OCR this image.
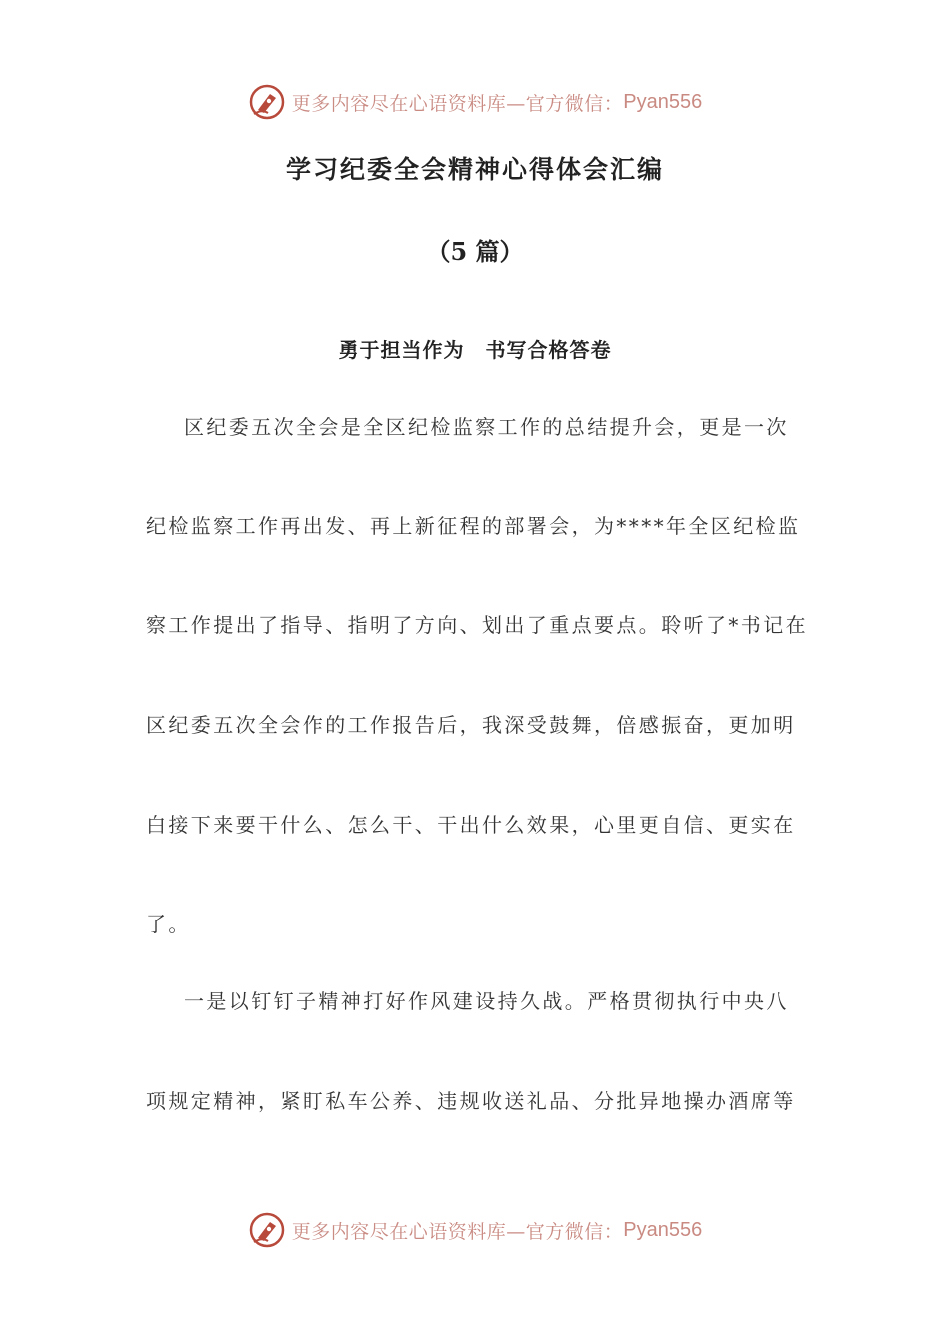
更多内容尽在心语资料库—官方微信： Pyan556
学习纪委全会精神心得体会汇编
（5 篇）
勇于担当作为　书写合格答卷
区纪委五次全会是全区纪检监察工作的总结提升会，更是一次
纪检监察工作再出发、再上新征程的部署会，为****年全区纪检监
察工作提出了指导、指明了方向、划出了重点要点。聆听了*书记在
区纪委五次全会作的工作报告后，我深受鼓舞，倍感振奋，更加明
白接下来要干什么、怎么干、干出什么效果，心里更自信、更实在
了。
一是以钉钉子精神打好作风建设持久战。严格贯彻执行中央八
项规定精神，紧盯私车公养、违规收送礼品、分批异地操办酒席等
更多内容尽在心语资料库—官方微信： Pyan556
